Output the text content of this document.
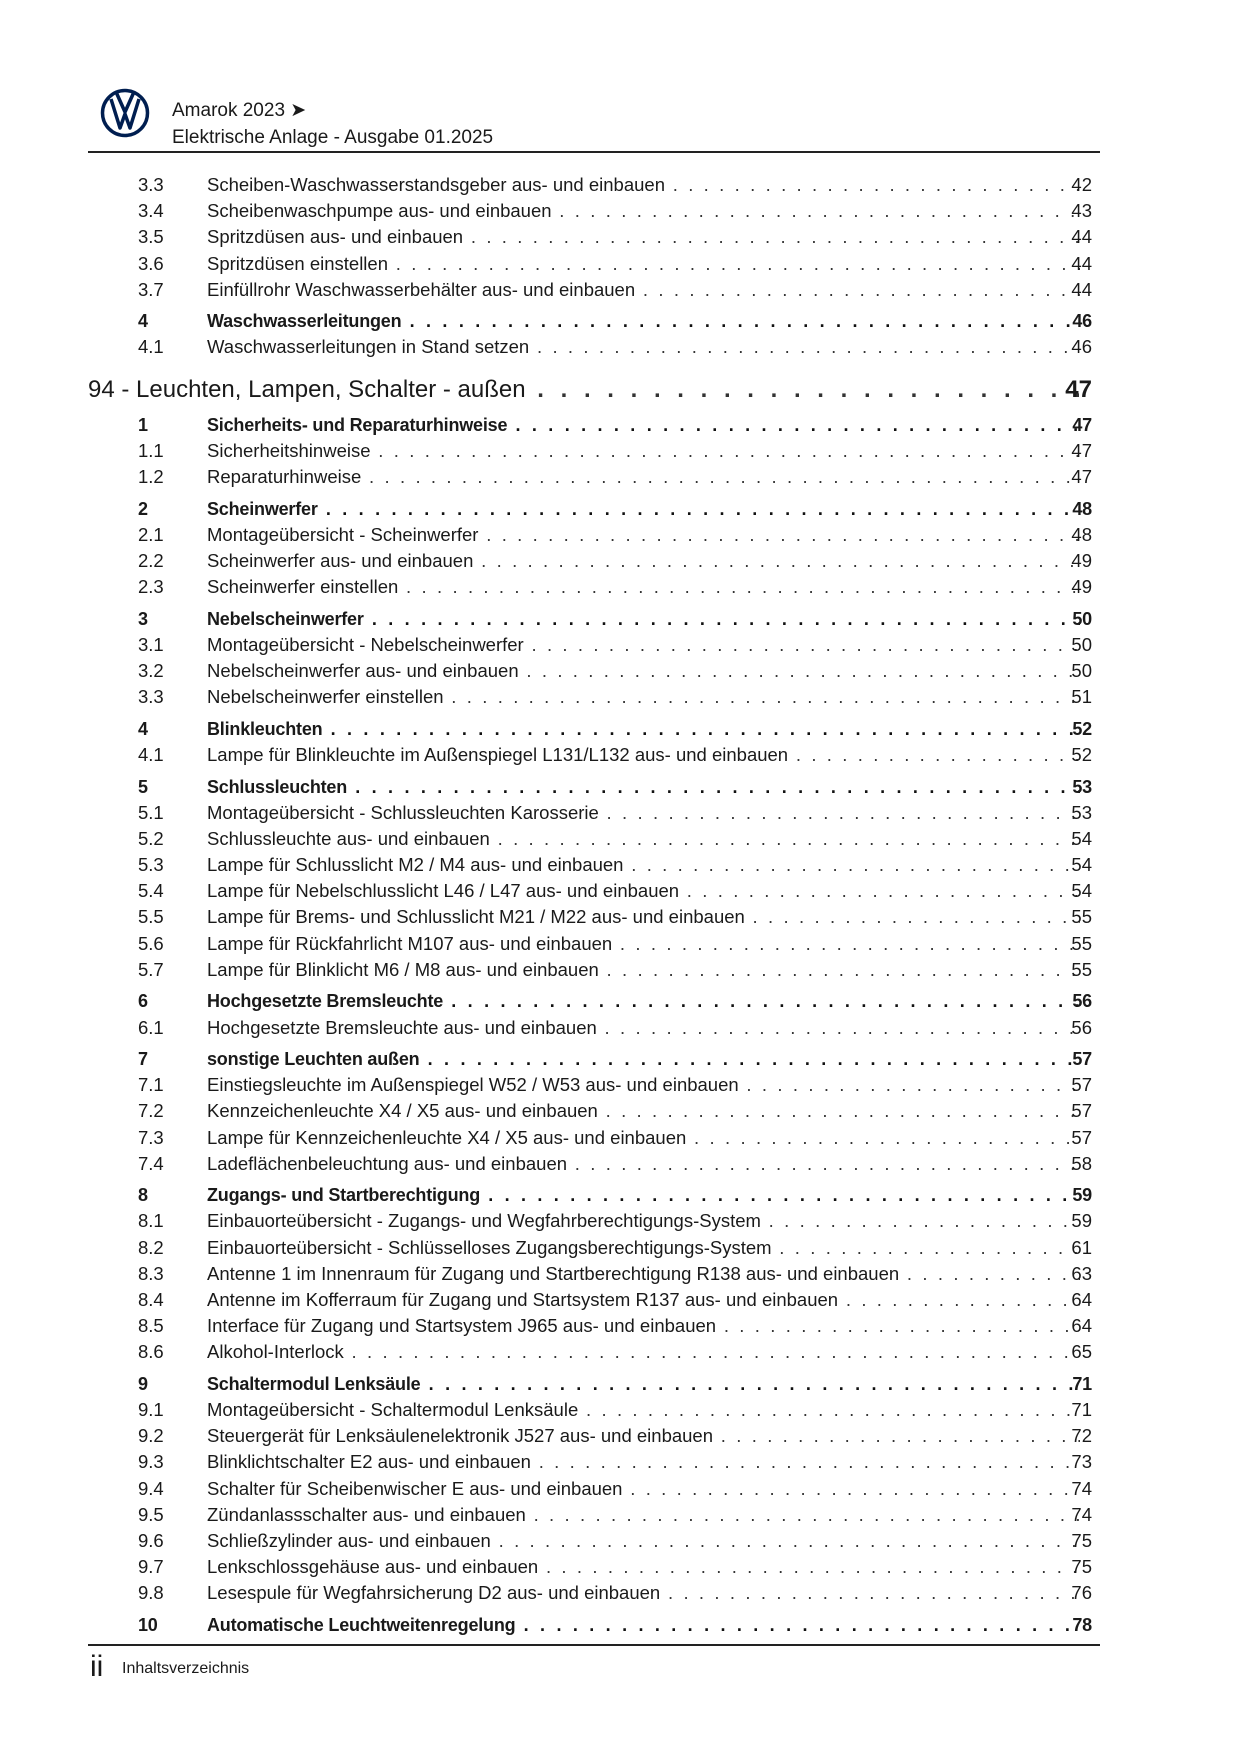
Amarok 2023 ➤
Elektrische Anlage - Ausgabe 01.2025
3.3 Scheiben-Waschwasserstandsgeber aus- und einbauen . . .	42
3.4 Scheibenwaschpumpe aus- und einbauen . . .	43
3.5 Spritzdüsen aus- und einbauen . . .	44
3.6 Spritzdüsen einstellen . . .	44
3.7 Einfüllrohr Waschwasserbehälter aus- und einbauen . . .	44
4	Waschwasserleitungen . . .	46
4.1 Waschwasserleitungen in Stand setzen . . .	46
94 - Leuchten, Lampen, Schalter - außen . . .	47
1	Sicherheits- und Reparaturhinweise . . .	47
1.1 Sicherheitshinweise . . .	47
1.2 Reparaturhinweise . . .	47
2	Scheinwerfer . . .	48
2.1 Montageübersicht - Scheinwerfer . . .	48
2.2 Scheinwerfer aus- und einbauen . . .	49
2.3 Scheinwerfer einstellen . . .	49
3	Nebelscheinwerfer . . .	50
3.1 Montageübersicht - Nebelscheinwerfer . . .	50
3.2 Nebelscheinwerfer aus- und einbauen . . .	50
3.3 Nebelscheinwerfer einstellen . . .	51
4	Blinkleuchten . . .	52
4.1 Lampe für Blinkleuchte im Außenspiegel L131/L132 aus- und einbauen . . .	52
5	Schlussleuchten . . .	53
5.1 Montageübersicht - Schlussleuchten Karosserie . . .	53
5.2 Schlussleuchte aus- und einbauen . . .	54
5.3 Lampe für Schlusslicht M2 / M4 aus- und einbauen . . .	54
5.4 Lampe für Nebelschlusslicht L46 / L47 aus- und einbauen . . .	54
5.5 Lampe für Brems- und Schlusslicht M21 / M22 aus- und einbauen . . .	55
5.6 Lampe für Rückfahrlicht M107 aus- und einbauen . . .	55
5.7 Lampe für Blinklicht M6 / M8 aus- und einbauen . . .	55
6	Hochgesetzte Bremsleuchte . . .	56
6.1 Hochgesetzte Bremsleuchte aus- und einbauen . . .	56
7	sonstige Leuchten außen . . .	57
7.1 Einstiegsleuchte im Außenspiegel W52 / W53 aus- und einbauen . . .	57
7.2 Kennzeichenleuchte X4 / X5 aus- und einbauen . . .	57
7.3 Lampe für Kennzeichenleuchte X4 / X5 aus- und einbauen . . .	57
7.4 Ladeflächenbeleuchtung aus- und einbauen . . .	58
8	Zugangs- und Startberechtigung . . .	59
8.1 Einbauorteübersicht - Zugangs- und Wegfahrberechtigungs-System . . .	59
8.2 Einbauorteübersicht - Schlüsselloses Zugangsberechtigungs-System . . .	61
8.3 Antenne 1 im Innenraum für Zugang und Startberechtigung R138 aus- und einbauen . . .	63
8.4 Antenne im Kofferraum für Zugang und Startsystem R137 aus- und einbauen . . .	64
8.5 Interface für Zugang und Startsystem J965 aus- und einbauen . . .	64
8.6 Alkohol-Interlock . . .	65
9	Schaltermodul Lenksäule . . .	71
9.1 Montageübersicht - Schaltermodul Lenksäule . . .	71
9.2 Steuergerät für Lenksäulenelektronik J527 aus- und einbauen . . .	72
9.3 Blinklichtschalter E2 aus- und einbauen . . .	73
9.4 Schalter für Scheibenwischer E aus- und einbauen . . .	74
9.5 Zündanlassschalter aus- und einbauen . . .	74
9.6 Schließzylinder aus- und einbauen . . .	75
9.7 Lenkschlossgehäuse aus- und einbauen . . .	75
9.8 Lesespule für Wegfahrsicherung D2 aus- und einbauen . . .	76
10	Automatische Leuchtweitenregelung . . .	78
ii Inhaltsverzeichnis
